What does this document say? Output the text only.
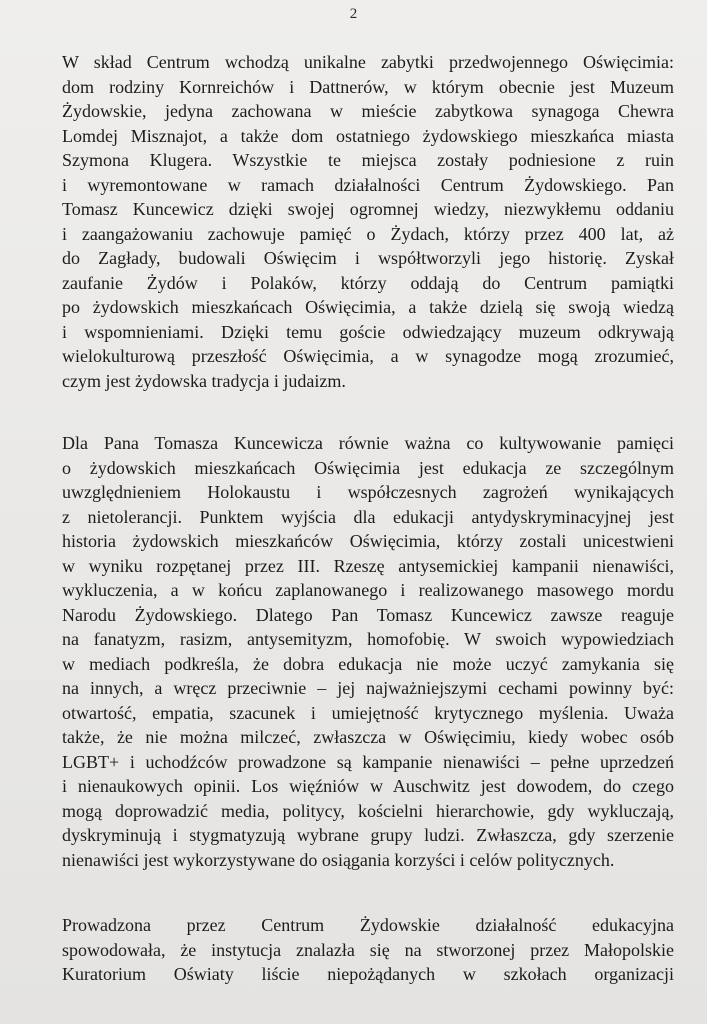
2
W skład Centrum wchodzą unikalne zabytki przedwojennego Oświęcimia:
dom rodziny Kornreichów i Dattnerów, w którym obecnie jest Muzeum
Żydowskie, jedyna zachowana w mieście zabytkowa synagoga Chewra
Lomdej Misznajot, a także dom ostatniego żydowskiego mieszkańca miasta
Szymona Klugera. Wszystkie te miejsca zostały podniesione z ruin
i wyremontowane w ramach działalności Centrum Żydowskiego. Pan
Tomasz Kuncewicz dzięki swojej ogromnej wiedzy, niezwykłemu oddaniu
i zaangażowaniu zachowuje pamięć o Żydach, którzy przez 400 lat, aż
do Zagłady, budowali Oświęcim i współtworzyli jego historię. Zyskał
zaufanie Żydów i Polaków, którzy oddają do Centrum pamiątki
po żydowskich mieszkańcach Oświęcimia, a także dzielą się swoją wiedzą
i wspomnieniami. Dzięki temu goście odwiedzający muzeum odkrywają
wielokulturową przeszłość Oświęcimia, a w synagodze mogą zrozumieć,
czym jest żydowska tradycja i judaizm.
Dla Pana Tomasza Kuncewicza równie ważna co kultywowanie pamięci
o żydowskich mieszkańcach Oświęcimia jest edukacja ze szczególnym
uwzględnieniem Holokaustu i współczesnych zagrożeń wynikających
z nietolerancji. Punktem wyjścia dla edukacji antydyskryminacyjnej jest
historia żydowskich mieszkańców Oświęcimia, którzy zostali unicestwieni
w wyniku rozpętanej przez III. Rzeszę antysemickiej kampanii nienawiści,
wykluczenia, a w końcu zaplanowanego i realizowanego masowego mordu
Narodu Żydowskiego. Dlatego Pan Tomasz Kuncewicz zawsze reaguje
na fanatyzm, rasizm, antysemityzm, homofobię. W swoich wypowiedziach
w mediach podkreśla, że dobra edukacja nie może uczyć zamykania się
na innych, a wręcz przeciwnie – jej najważniejszymi cechami powinny być:
otwartość, empatia, szacunek i umiejętność krytycznego myślenia. Uważa
także, że nie można milczeć, zwłaszcza w Oświęcimiu, kiedy wobec osób
LGBT+ i uchodźców prowadzone są kampanie nienawiści – pełne uprzedzeń
i nienaukowych opinii. Los więźniów w Auschwitz jest dowodem, do czego
mogą doprowadzić media, politycy, kościelni hierarchowie, gdy wykluczają,
dyskryminują i stygmatyzują wybrane grupy ludzi. Zwłaszcza, gdy szerzenie
nienawiści jest wykorzystywane do osiągania korzyści i celów politycznych.
Prowadzona przez Centrum Żydowskie działalność edukacyjna
spowodowała, że instytucja znalazła się na stworzonej przez Małopolskie
Kuratorium Oświaty liście niepożądanych w szkołach organizacji
